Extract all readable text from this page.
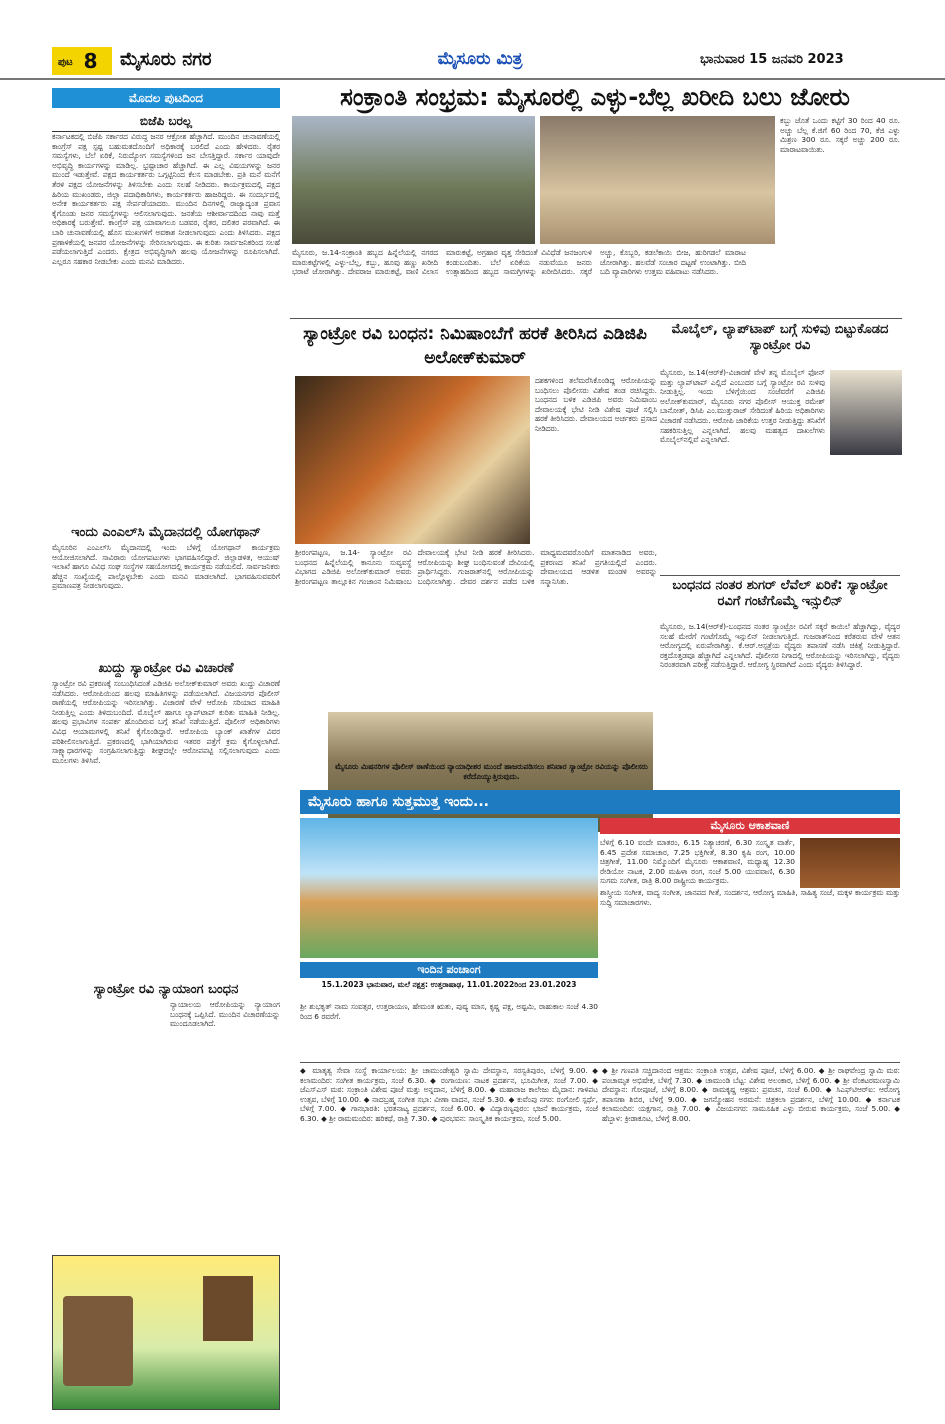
ಪುಟ 8	ಮೈಸೂರು ನಗರ	ಮೈಸೂರು ಮಿತ್ರ	ಭಾನುವಾರ 15 ಜನವರಿ 2023
ಮೊದಲ ಪುಟದಿಂದ
ಬಿಜೆಪಿ ಬರಲ್ಲ
ಕರ್ನಾಟಕದಲ್ಲಿ ಬಿಜೆಪಿ ಸರ್ಕಾರದ ವಿರುದ್ಧ ಜನರ ಆಕ್ರೋಶ ಹೆಚ್ಚಾಗಿದೆ. ಮುಂದಿನ ಚುನಾವಣೆಯಲ್ಲಿ ಕಾಂಗ್ರೆಸ್ ಪಕ್ಷ ಸ್ಪಷ್ಟ ಬಹುಮತದೊಂದಿಗೆ ಅಧಿಕಾರಕ್ಕೆ ಬರಲಿದೆ ಎಂದು ಹೇಳಿದರು. ರೈತರ ಸಮಸ್ಯೆಗಳು, ಬೆಲೆ ಏರಿಕೆ, ನಿರುದ್ಯೋಗ ಸಮಸ್ಯೆಗಳಿಂದ ಜನ ಬೇಸತ್ತಿದ್ದಾರೆ. ಸರ್ಕಾರ ಯಾವುದೇ ಅಭಿವೃದ್ಧಿ ಕಾರ್ಯಗಳನ್ನು ಮಾಡಿಲ್ಲ. ಭ್ರಷ್ಟಾಚಾರ ಹೆಚ್ಚಾಗಿದೆ. ಈ ಎಲ್ಲ ವಿಷಯಗಳನ್ನು ಜನರ ಮುಂದೆ ಇಡುತ್ತೇವೆ. ಪಕ್ಷದ ಕಾರ್ಯಕರ್ತರು ಒಗ್ಗಟ್ಟಿನಿಂದ ಕೆಲಸ ಮಾಡಬೇಕು. ಪ್ರತಿ ಮನೆ ಮನೆಗೆ ತೆರಳಿ ಪಕ್ಷದ ಯೋಜನೆಗಳನ್ನು ತಿಳಿಸಬೇಕು ಎಂದು ಸಲಹೆ ನೀಡಿದರು. ಕಾರ್ಯಕ್ರಮದಲ್ಲಿ ಪಕ್ಷದ ಹಿರಿಯ ಮುಖಂಡರು, ಜಿಲ್ಲಾ ಪದಾಧಿಕಾರಿಗಳು, ಕಾರ್ಯಕರ್ತರು ಹಾಜರಿದ್ದರು. ಈ ಸಂದರ್ಭದಲ್ಲಿ ಅನೇಕ ಕಾರ್ಯಕರ್ತರು ಪಕ್ಷ ಸೇರ್ಪಡೆಯಾದರು. ಮುಂದಿನ ದಿನಗಳಲ್ಲಿ ರಾಜ್ಯಾದ್ಯಂತ ಪ್ರವಾಸ ಕೈಗೊಂಡು ಜನರ ಸಮಸ್ಯೆಗಳನ್ನು ಆಲಿಸಲಾಗುವುದು. ಜನತೆಯ ಆಶೀರ್ವಾದದಿಂದ ನಾವು ಮತ್ತೆ ಅಧಿಕಾರಕ್ಕೆ ಬರುತ್ತೇವೆ. ಕಾಂಗ್ರೆಸ್ ಪಕ್ಷ ಯಾವಾಗಲೂ ಬಡವರ, ರೈತರ, ದಲಿತರ ಪರವಾಗಿದೆ. ಈ ಬಾರಿ ಚುನಾವಣೆಯಲ್ಲಿ ಹೊಸ ಮುಖಗಳಿಗೆ ಅವಕಾಶ ನೀಡಲಾಗುವುದು ಎಂದು ತಿಳಿಸಿದರು. ಪಕ್ಷದ ಪ್ರಣಾಳಿಕೆಯಲ್ಲಿ ಜನಪರ ಯೋಜನೆಗಳನ್ನು ಸೇರಿಸಲಾಗುವುದು. ಈ ಕುರಿತು ಸಾರ್ವಜನಿಕರಿಂದ ಸಲಹೆ ಪಡೆಯಲಾಗುತ್ತಿದೆ ಎಂದರು. ಕ್ಷೇತ್ರದ ಅಭಿವೃದ್ಧಿಗಾಗಿ ಹಲವು ಯೋಜನೆಗಳನ್ನು ರೂಪಿಸಲಾಗಿದೆ. ಎಲ್ಲರೂ ಸಹಕಾರ ನೀಡಬೇಕು ಎಂದು ಮನವಿ ಮಾಡಿದರು.
ಇಂದು ಎಂಎಲ್‌ಸಿ ಮೈದಾನದಲ್ಲಿ ಯೋಗಥಾನ್
ಮೈಸೂರಿನ ಎಂಎಲ್‌ಸಿ ಮೈದಾನದಲ್ಲಿ ಇಂದು ಬೆಳಿಗ್ಗೆ ಯೋಗಥಾನ್ ಕಾರ್ಯಕ್ರಮ ಆಯೋಜಿಸಲಾಗಿದೆ. ಸಾವಿರಾರು ಯೋಗಪಟುಗಳು ಭಾಗವಹಿಸಲಿದ್ದಾರೆ. ಜಿಲ್ಲಾಡಳಿತ, ಆಯುಷ್ ಇಲಾಖೆ ಹಾಗೂ ವಿವಿಧ ಸಂಘ ಸಂಸ್ಥೆಗಳ ಸಹಯೋಗದಲ್ಲಿ ಕಾರ್ಯಕ್ರಮ ನಡೆಯಲಿದೆ. ಸಾರ್ವಜನಿಕರು ಹೆಚ್ಚಿನ ಸಂಖ್ಯೆಯಲ್ಲಿ ಪಾಲ್ಗೊಳ್ಳಬೇಕು ಎಂದು ಮನವಿ ಮಾಡಲಾಗಿದೆ. ಭಾಗವಹಿಸುವವರಿಗೆ ಪ್ರಮಾಣಪತ್ರ ನೀಡಲಾಗುವುದು.
ಖುದ್ದು ಸ್ಯಾಂಟ್ರೋ ರವಿ ವಿಚಾರಣೆ
ಸ್ಯಾಂಟ್ರೋ ರವಿ ಪ್ರಕರಣಕ್ಕೆ ಸಂಬಂಧಿಸಿದಂತೆ ಎಡಿಜಿಪಿ ಅಲೋಕ್‌ಕುಮಾರ್ ಅವರು ಖುದ್ದು ವಿಚಾರಣೆ ನಡೆಸಿದರು. ಆರೋಪಿಯಿಂದ ಹಲವು ಮಾಹಿತಿಗಳನ್ನು ಪಡೆಯಲಾಗಿದೆ. ವಿಜಯನಗರ ಪೊಲೀಸ್ ಠಾಣೆಯಲ್ಲಿ ಆರೋಪಿಯನ್ನು ಇರಿಸಲಾಗಿತ್ತು. ವಿಚಾರಣೆ ವೇಳೆ ಆರೋಪಿ ಸರಿಯಾದ ಮಾಹಿತಿ ನೀಡುತ್ತಿಲ್ಲ ಎಂದು ತಿಳಿದುಬಂದಿದೆ. ಮೊಬೈಲ್ ಹಾಗೂ ಲ್ಯಾಪ್‌ಟಾಪ್ ಕುರಿತು ಮಾಹಿತಿ ನೀಡಿಲ್ಲ. ಹಲವು ಪ್ರಭಾವಿಗಳ ಸಂಪರ್ಕ ಹೊಂದಿರುವ ಬಗ್ಗೆ ತನಿಖೆ ನಡೆಯುತ್ತಿದೆ. ಪೊಲೀಸ್ ಅಧಿಕಾರಿಗಳು ವಿವಿಧ ಆಯಾಮಗಳಲ್ಲಿ ತನಿಖೆ ಕೈಗೊಂಡಿದ್ದಾರೆ. ಆರೋಪಿಯ ಬ್ಯಾಂಕ್ ಖಾತೆಗಳ ವಿವರ ಪರಿಶೀಲಿಸಲಾಗುತ್ತಿದೆ. ಪ್ರಕರಣದಲ್ಲಿ ಭಾಗಿಯಾಗಿರುವ ಇತರರ ಪತ್ತೆಗೆ ಕ್ರಮ ಕೈಗೊಳ್ಳಲಾಗಿದೆ. ಸಾಕ್ಷ್ಯಾಧಾರಗಳನ್ನು ಸಂಗ್ರಹಿಸಲಾಗುತ್ತಿದ್ದು ಶೀಘ್ರದಲ್ಲೇ ಆರೋಪಪಟ್ಟಿ ಸಲ್ಲಿಸಲಾಗುವುದು ಎಂದು ಮೂಲಗಳು ತಿಳಿಸಿವೆ.
ಸ್ಯಾಂಟ್ರೋ ರವಿ ನ್ಯಾಯಾಂಗ ಬಂಧನ
ನ್ಯಾಯಾಲಯ ಆರೋಪಿಯನ್ನು ನ್ಯಾಯಾಂಗ ಬಂಧನಕ್ಕೆ ಒಪ್ಪಿಸಿದೆ. ಮುಂದಿನ ವಿಚಾರಣೆಯನ್ನು ಮುಂದೂಡಲಾಗಿದೆ.
ಸಂಕ್ರಾಂತಿ ಸಂಭ್ರಮ: ಮೈಸೂರಲ್ಲಿ ಎಳ್ಳು-ಬೆಲ್ಲ ಖರೀದಿ ಬಲು ಜೋರು
ಕಬ್ಬು ಜೊತೆ ಒಂದು ಕಟ್ಟಿಗೆ 30 ರಿಂದ 40 ರೂ. ಅಚ್ಚು ಬೆಲ್ಲ ಕೆ.ಜಿಗೆ 60 ರಿಂದ 70, ಕೆಜಿ ಎಳ್ಳು ಮಿಶ್ರಣ 300 ರೂ. ಸಕ್ಕರೆ ಅಚ್ಚು 200 ರೂ. ಮಾರಾಟವಾಯಿತು.
ಮೈಸೂರು, ಜ.14-ಸಂಕ್ರಾಂತಿ ಹಬ್ಬದ ಹಿನ್ನೆಲೆಯಲ್ಲಿ ನಗರದ ಮಾರುಕಟ್ಟೆಗಳಲ್ಲಿ ಎಳ್ಳು-ಬೆಲ್ಲ, ಕಬ್ಬು, ಹೂವು ಹಣ್ಣು ಖರೀದಿ ಭರಾಟೆ ಜೋರಾಗಿತ್ತು. ದೇವರಾಜ ಮಾರುಕಟ್ಟೆ, ವಾಣಿ ವಿಲಾಸ ಮಾರುಕಟ್ಟೆ, ಅಗ್ರಹಾರ ವೃತ್ತ ಸೇರಿದಂತೆ ವಿವಿಧೆಡೆ ಜನಜಂಗುಳಿ ಕಂಡುಬಂದಿತು. ಬೆಲೆ ಏರಿಕೆಯ ನಡುವೆಯೂ ಜನರು ಉತ್ಸಾಹದಿಂದ ಹಬ್ಬದ ಸಾಮಗ್ರಿಗಳನ್ನು ಖರೀದಿಸಿದರು. ಸಕ್ಕರೆ ಅಚ್ಚು, ಕೊಬ್ಬರಿ, ಕಡಲೆಕಾಯಿ ಬೀಜ, ಹುರಿಗಡಲೆ ಮಾರಾಟ ಜೋರಾಗಿತ್ತು. ಹಲವೆಡೆ ಸಂಚಾರ ದಟ್ಟಣೆ ಉಂಟಾಗಿತ್ತು. ಬೀದಿ ಬದಿ ವ್ಯಾಪಾರಿಗಳು ಉತ್ತಮ ವಹಿವಾಟು ನಡೆಸಿದರು.
ಸ್ಯಾಂಟ್ರೋ ರವಿ ಬಂಧನ: ನಿಮಿಷಾಂಬೆಗೆ ಹರಕೆ ತೀರಿಸಿದ ಎಡಿಜಿಪಿ ಅಲೋಕ್‌ಕುಮಾರ್
ದಶಕಗಳಿಂದ ತಲೆಮರೆಸಿಕೊಂಡಿದ್ದ ಆರೋಪಿಯನ್ನು ಬಂಧಿಸಲು ಪೊಲೀಸರು ವಿಶೇಷ ತಂಡ ರಚಿಸಿದ್ದರು. ಬಂಧನದ ಬಳಿಕ ಎಡಿಜಿಪಿ ಅವರು ನಿಮಿಷಾಂಬ ದೇವಾಲಯಕ್ಕೆ ಭೇಟಿ ನೀಡಿ ವಿಶೇಷ ಪೂಜೆ ಸಲ್ಲಿಸಿ ಹರಕೆ ತೀರಿಸಿದರು. ದೇವಾಲಯದ ಅರ್ಚಕರು ಪ್ರಸಾದ ನೀಡಿದರು.
ಶ್ರೀರಂಗಪಟ್ಟಣ, ಜ.14- ಸ್ಯಾಂಟ್ರೋ ರವಿ ಬಂಧನದ ಹಿನ್ನೆಲೆಯಲ್ಲಿ ಕಾನೂನು ಸುವ್ಯವಸ್ಥೆ ವಿಭಾಗದ ಎಡಿಜಿಪಿ ಅಲೋಕ್‌ಕುಮಾರ್ ಅವರು ಶ್ರೀರಂಗಪಟ್ಟಣ ತಾಲ್ಲೂಕಿನ ಗಂಜಾಂನ ನಿಮಿಷಾಂಬ ದೇವಾಲಯಕ್ಕೆ ಭೇಟಿ ನೀಡಿ ಹರಕೆ ತೀರಿಸಿದರು. ಆರೋಪಿಯನ್ನು ಶೀಘ್ರ ಬಂಧಿಸುವಂತೆ ದೇವಿಯಲ್ಲಿ ಪ್ರಾರ್ಥಿಸಿದ್ದರು. ಗುಜರಾತ್‌ನಲ್ಲಿ ಆರೋಪಿಯನ್ನು ಬಂಧಿಸಲಾಗಿತ್ತು. ದೇವರ ದರ್ಶನ ಪಡೆದ ಬಳಿಕ ಮಾಧ್ಯಮದವರೊಂದಿಗೆ ಮಾತನಾಡಿದ ಅವರು, ಪ್ರಕರಣದ ತನಿಖೆ ಪ್ರಗತಿಯಲ್ಲಿದೆ ಎಂದರು. ದೇವಾಲಯದ ಆಡಳಿತ ಮಂಡಳಿ ಅವರನ್ನು ಸನ್ಮಾನಿಸಿತು.
ಮೊಬೈಲ್, ಲ್ಯಾಪ್‌ಟಾಪ್ ಬಗ್ಗೆ ಸುಳಿವು ಬಿಟ್ಟುಕೊಡದ ಸ್ಯಾಂಟ್ರೋ ರವಿ
ಮೈಸೂರು, ಜ.14(ಆರ್‌ಕೆ)-ವಿಚಾರಣೆ ವೇಳೆ ತನ್ನ ಮೊಬೈಲ್ ಫೋನ್ ಮತ್ತು ಲ್ಯಾಪ್‌ಟಾಪ್ ಎಲ್ಲಿದೆ ಎಂಬುದರ ಬಗ್ಗೆ ಸ್ಯಾಂಟ್ರೋ ರವಿ ಸುಳಿವು ನೀಡುತ್ತಿಲ್ಲ. ಇಂದು ಬೆಳಿಗ್ಗೆಯಿಂದ ಸಂಜೆವರೆಗೆ ಎಡಿಜಿಪಿ ಅಲೋಕ್‌ಕುಮಾರ್, ಮೈಸೂರು ನಗರ ಪೊಲೀಸ್ ಆಯುಕ್ತ ರಮೇಶ್ ಬಾನೋತ್, ಡಿಸಿಪಿ ಎಂ.ಮುತ್ತುರಾಜ್ ಸೇರಿದಂತೆ ಹಿರಿಯ ಅಧಿಕಾರಿಗಳು ವಿಚಾರಣೆ ನಡೆಸಿದರು. ಆರೋಪಿ ಜಾರಿಕೆಯ ಉತ್ತರ ನೀಡುತ್ತಿದ್ದು ತನಿಖೆಗೆ ಸಹಕರಿಸುತ್ತಿಲ್ಲ ಎನ್ನಲಾಗಿದೆ. ಹಲವು ಮಹತ್ವದ ದಾಖಲೆಗಳು ಮೊಬೈಲ್‌ನಲ್ಲಿವೆ ಎನ್ನಲಾಗಿದೆ.
ಬಂಧನದ ನಂತರ ಶುಗರ್ ಲೆವೆಲ್ ಏರಿಕೆ: ಸ್ಯಾಂಟ್ರೋ ರವಿಗೆ ಗಂಟೆಗೊಮ್ಮೆ ಇನ್ಸುಲಿನ್
ಮೈಸೂರು, ಜ.14(ಆರ್‌ಕೆ)-ಬಂಧನದ ನಂತರ ಸ್ಯಾಂಟ್ರೋ ರವಿಗೆ ಸಕ್ಕರೆ ಕಾಯಿಲೆ ಹೆಚ್ಚಾಗಿದ್ದು, ವೈದ್ಯರ ಸಲಹೆ ಮೇರೆಗೆ ಗಂಟೆಗೊಮ್ಮೆ ಇನ್ಸುಲಿನ್ ನೀಡಲಾಗುತ್ತಿದೆ. ಗುಜರಾತ್‌ನಿಂದ ಕರೆತರುವ ವೇಳೆ ಆತನ ಆರೋಗ್ಯದಲ್ಲಿ ಏರುಪೇರಾಗಿತ್ತು. ಕೆ.ಆರ್.ಆಸ್ಪತ್ರೆಯ ವೈದ್ಯರು ತಪಾಸಣೆ ನಡೆಸಿ ಚಿಕಿತ್ಸೆ ನೀಡುತ್ತಿದ್ದಾರೆ. ರಕ್ತದೊತ್ತಡವೂ ಹೆಚ್ಚಾಗಿದೆ ಎನ್ನಲಾಗಿದೆ. ಪೊಲೀಸರ ನಿಗಾದಲ್ಲಿ ಆರೋಪಿಯನ್ನು ಇರಿಸಲಾಗಿದ್ದು, ವೈದ್ಯರು ನಿರಂತರವಾಗಿ ಪರೀಕ್ಷೆ ನಡೆಸುತ್ತಿದ್ದಾರೆ. ಆರೋಗ್ಯ ಸ್ಥಿರವಾಗಿದೆ ಎಂದು ವೈದ್ಯರು ತಿಳಿಸಿದ್ದಾರೆ.
ಮೈಸೂರು ಮಿಷನರಿಗಳ ಪೊಲೀಸ್ ಠಾಣೆಯಿಂದ ನ್ಯಾಯಾಧೀಶರ ಮುಂದೆ ಹಾಜರುಪಡಿಸಲು ಶನಿವಾರ ಸ್ಯಾಂಟ್ರೋ ರವಿಯನ್ನು ಪೊಲೀಸರು ಕರೆದೊಯ್ಯುತ್ತಿರುವುದು.
ಮೈಸೂರು ಹಾಗೂ ಸುತ್ತಮುತ್ತ ಇಂದು...
ಮೈಸೂರು ಆಕಾಶವಾಣಿ
ಬೆಳಿಗ್ಗೆ 6.10 ವಂದೇ ಮಾತರಂ, 6.15 ನಿತ್ಯಾಚರಣೆ, 6.30 ಸಂಸ್ಕೃತ ವಾರ್ತೆ, 6.45 ಪ್ರದೇಶ ಸಮಾಚಾರ, 7.25 ಭಕ್ತಿಗೀತೆ, 8.30 ಕೃಷಿ ರಂಗ, 10.00 ಚಿತ್ರಗೀತೆ, 11.00 ನಿಮ್ಮೊಂದಿಗೆ ಮೈಸೂರು ಆಕಾಶವಾಣಿ, ಮಧ್ಯಾಹ್ನ 12.30 ರೇಡಿಯೋ ನಾಟಕ, 2.00 ಮಹಿಳಾ ರಂಗ, ಸಂಜೆ 5.00 ಯುವವಾಣಿ, 6.30 ಸುಗಮ ಸಂಗೀತ, ರಾತ್ರಿ 8.00 ರಾಷ್ಟ್ರೀಯ ಕಾರ್ಯಕ್ರಮ.
ಶಾಸ್ತ್ರೀಯ ಸಂಗೀತ, ವಾದ್ಯ ಸಂಗೀತ, ಜಾನಪದ ಗೀತೆ, ಸಂದರ್ಶನ, ಆರೋಗ್ಯ ಮಾಹಿತಿ, ಸಾಹಿತ್ಯ ಸಂಜೆ, ಮಕ್ಕಳ ಕಾರ್ಯಕ್ರಮ ಮತ್ತು ಸುದ್ದಿ ಸಮಾಚಾರಗಳು.
ಇಂದಿನ ಪಂಚಾಂಗ
15.1.2023 ಭಾನುವಾರ, ಮಲೆ ನಕ್ಷತ್ರ: ಉತ್ತರಾಷಾಢ, 11.01.2022ರಿಂದ 23.01.2023
ಶ್ರೀ ಶುಭಕೃತ್ ನಾಮ ಸಂವತ್ಸರ, ಉತ್ತರಾಯಣ, ಹೇಮಂತ ಋತು, ಪುಷ್ಯ ಮಾಸ, ಕೃಷ್ಣ ಪಕ್ಷ, ಅಷ್ಟಮಿ, ರಾಹುಕಾಲ ಸಂಜೆ 4.30 ರಿಂದ 6 ರವರೆಗೆ.
◆ ಮಾತೃತ್ವ ಸೇವಾ ಸಂಸ್ಥೆ ಕಾರ್ಯಾಲಯ: ಶ್ರೀ ಚಾಮುಂಡೇಶ್ವರಿ ಸ್ವಾಮಿ ದೇವಸ್ಥಾನ, ಸರಸ್ವತಿಪುರಂ, ಬೆಳಿಗ್ಗೆ 9.00. ◆ ಕಲಾಮಂದಿರ: ಸಂಗೀತ ಕಾರ್ಯಕ್ರಮ, ಸಂಜೆ 6.30. ◆ ರಂಗಾಯಣ: ನಾಟಕ ಪ್ರದರ್ಶನ, ಭೂಮಿಗೀತ, ಸಂಜೆ 7.00. ◆ ಜೆಎಸ್‌ಎಸ್ ಮಠ: ಸಂಕ್ರಾಂತಿ ವಿಶೇಷ ಪೂಜೆ ಮತ್ತು ಅನ್ನದಾನ, ಬೆಳಿಗ್ಗೆ 8.00. ◆ ಮಹಾರಾಜ ಕಾಲೇಜು ಮೈದಾನ: ಗಾಳಿಪಟ ಉತ್ಸವ, ಬೆಳಿಗ್ಗೆ 10.00. ◆ ನಾದಬ್ರಹ್ಮ ಸಂಗೀತ ಸಭಾ: ವೀಣಾ ವಾದನ, ಸಂಜೆ 5.30. ◆ ಕುವೆಂಪು ನಗರ: ರಂಗೋಲಿ ಸ್ಪರ್ಧೆ, ಬೆಳಿಗ್ಗೆ 7.00. ◆ ಗಾನಭಾರತಿ: ಭರತನಾಟ್ಯ ಪ್ರದರ್ಶನ, ಸಂಜೆ 6.00. ◆ ವಿದ್ಯಾರಣ್ಯಪುರಂ: ಭಜನೆ ಕಾರ್ಯಕ್ರಮ, ಸಂಜೆ 6.30. ◆ ಶ್ರೀ ರಾಮಮಂದಿರ: ಹರಿಕಥೆ, ರಾತ್ರಿ 7.30. ◆ ಪುರಭವನ: ಸಾಂಸ್ಕೃತಿಕ ಕಾರ್ಯಕ್ರಮ, ಸಂಜೆ 5.00.
◆ ಶ್ರೀ ಗಣಪತಿ ಸಚ್ಚಿದಾನಂದ ಆಶ್ರಮ: ಸಂಕ್ರಾಂತಿ ಉತ್ಸವ, ವಿಶೇಷ ಪೂಜೆ, ಬೆಳಿಗ್ಗೆ 6.00. ◆ ಶ್ರೀ ರಾಘವೇಂದ್ರ ಸ್ವಾಮಿ ಮಠ: ಪಂಚಾಮೃತ ಅಭಿಷೇಕ, ಬೆಳಿಗ್ಗೆ 7.30. ◆ ಚಾಮುಂಡಿ ಬೆಟ್ಟ: ವಿಶೇಷ ಅಲಂಕಾರ, ಬೆಳಿಗ್ಗೆ 6.00. ◆ ಶ್ರೀ ವೆಂಕಟರಮಣಸ್ವಾಮಿ ದೇವಸ್ಥಾನ: ಗೋಪೂಜೆ, ಬೆಳಿಗ್ಗೆ 8.00. ◆ ರಾಮಕೃಷ್ಣ ಆಶ್ರಮ: ಪ್ರವಚನ, ಸಂಜೆ 6.00. ◆ ಸಿಎಫ್‌ಟಿಆರ್‌ಐ: ಆರೋಗ್ಯ ತಪಾಸಣಾ ಶಿಬಿರ, ಬೆಳಿಗ್ಗೆ 9.00. ◆ ಜಗನ್ಮೋಹನ ಅರಮನೆ: ಚಿತ್ರಕಲಾ ಪ್ರದರ್ಶನ, ಬೆಳಿಗ್ಗೆ 10.00. ◆ ಕರ್ನಾಟಕ ಕಲಾಮಂದಿರ: ಯಕ್ಷಗಾನ, ರಾತ್ರಿ 7.00. ◆ ವಿಜಯನಗರ: ಸಾಮೂಹಿಕ ಎಳ್ಳು ಬೀರುವ ಕಾರ್ಯಕ್ರಮ, ಸಂಜೆ 5.00. ◆ ಹೆಬ್ಬಾಳ: ಕ್ರೀಡಾಕೂಟ, ಬೆಳಿಗ್ಗೆ 8.00.
